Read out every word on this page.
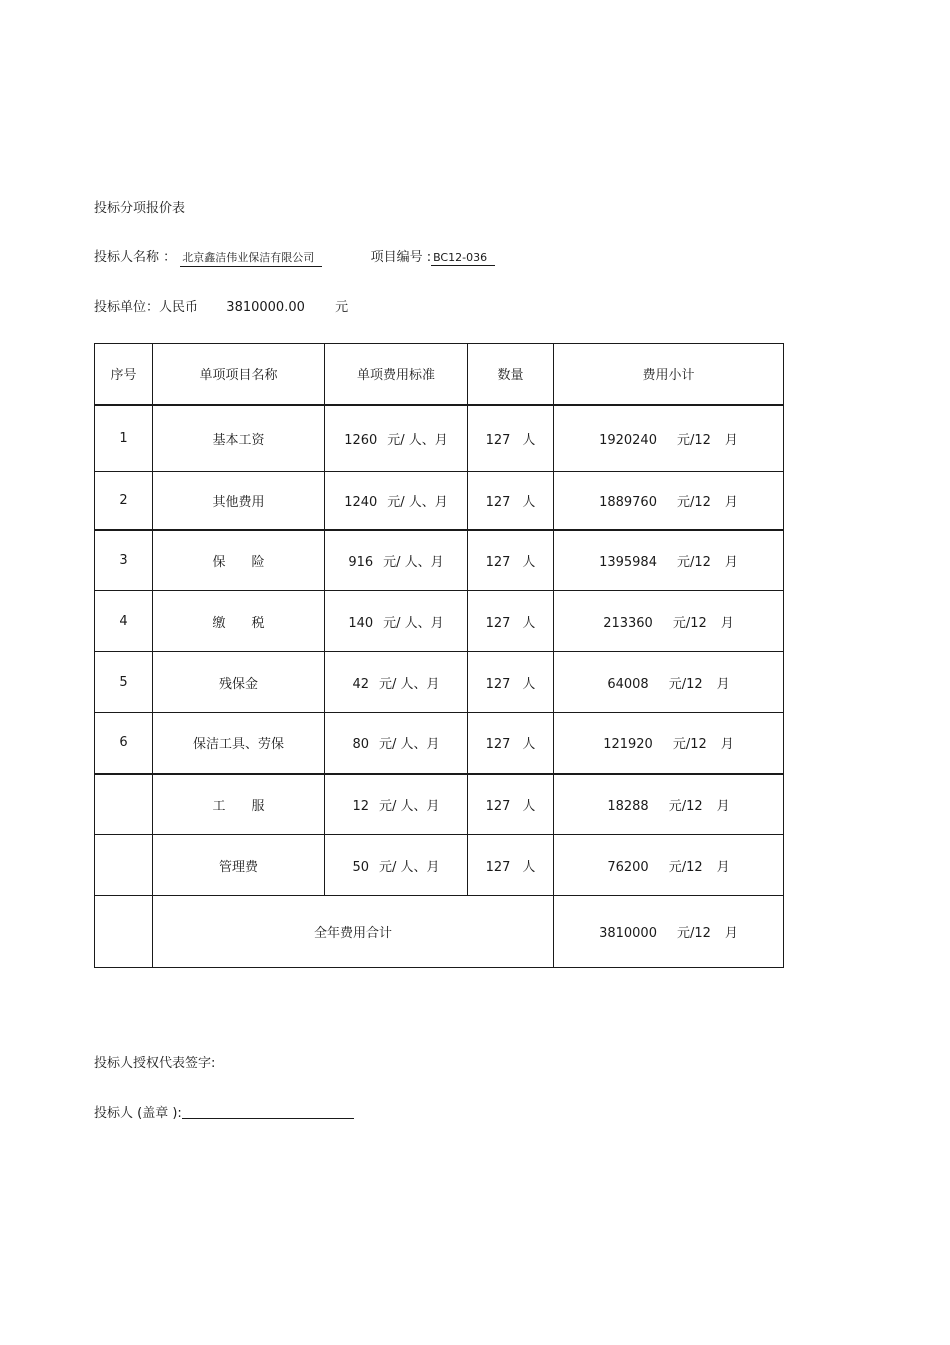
投标分项报价表
投标人名称 ： 北京鑫洁伟业保洁有限公司	项目编号 : BC12-036
投标单位：人民币 3810000.00 元
序号	单项项目名称	单项费用标准	数量	费用小计
1	基本工资	1260 元/ 人、月	127 人	1920240 元/12 月
2	其他费用	1240 元/ 人、月	127 人	1889760 元/12 月
3	保　　险	916 元/ 人、月	127 人	1395984 元/12 月
4	缴　　税	140 元/ 人、月	127 人	213360 元/12 月
5	残保金	42 元/ 人、月	127 人	64008 元/12 月
6	保洁工具、劳保	80 元/ 人、月	127 人	121920 元/12 月
	工　　服	12 元/ 人、月	127 人	18288 元/12 月
	管理费	50 元/ 人、月	127 人	76200 元/12 月
	全年费用合计			3810000 元/12 月
投标人授权代表签字:
投标人 (盖章 ):
